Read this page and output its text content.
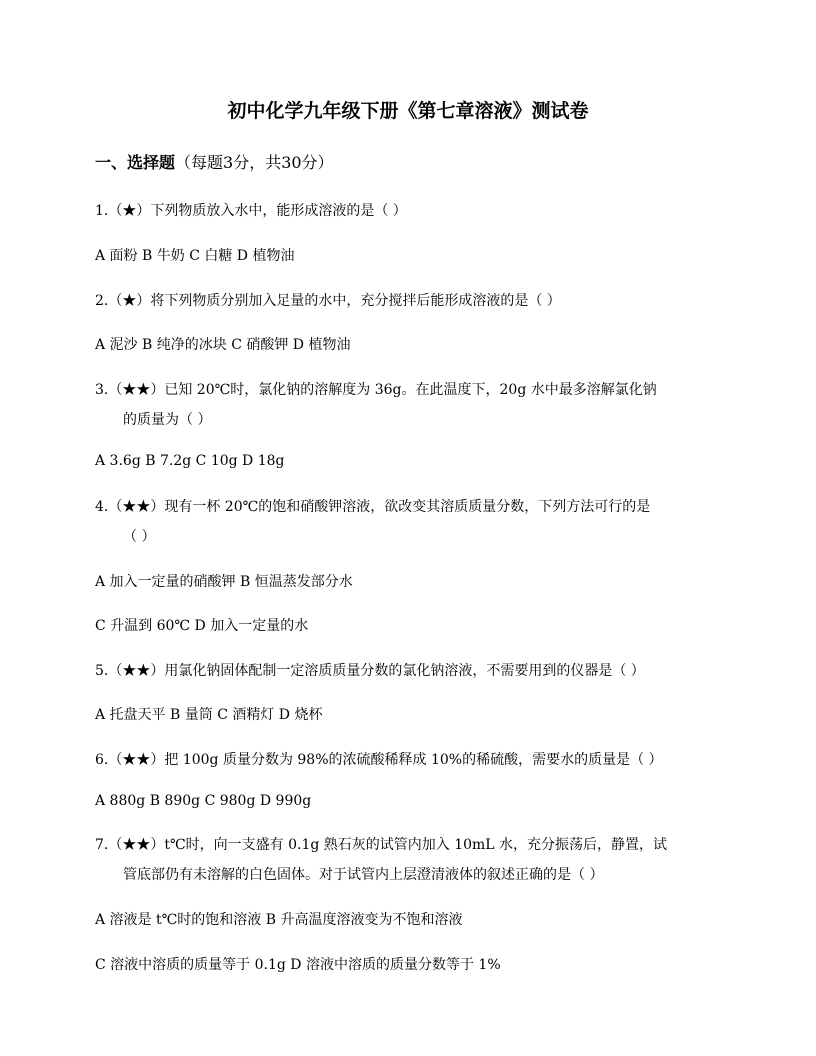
初中化学九年级下册《第七章溶液》测试卷

一、选择题（每题3分，共30分）

1.（★）下列物质放入水中，能形成溶液的是（ ）

A 面粉 B 牛奶 C 白糖 D 植物油

2.（★）将下列物质分别加入足量的水中，充分搅拌后能形成溶液的是（ ）

A 泥沙 B 纯净的冰块 C 硝酸钾 D 植物油

3.（★★）已知 20℃时，氯化钠的溶解度为 36g。在此温度下，20g 水中最多溶解氯化钠

的质量为（ ）

A 3.6g B 7.2g C 10g D 18g

4.（★★）现有一杯 20℃的饱和硝酸钾溶液，欲改变其溶质质量分数，下列方法可行的是

（ ）

A 加入一定量的硝酸钾 B 恒温蒸发部分水

C 升温到 60℃ D 加入一定量的水

5.（★★）用氯化钠固体配制一定溶质质量分数的氯化钠溶液，不需要用到的仪器是（ ）

A 托盘天平 B 量筒 C 酒精灯 D 烧杯

6.（★★）把 100g 质量分数为 98%的浓硫酸稀释成 10%的稀硫酸，需要水的质量是（ ）

A 880g B 890g C 980g D 990g

7.（★★）t℃时，向一支盛有 0.1g 熟石灰的试管内加入 10mL 水，充分振荡后，静置，试

管底部仍有未溶解的白色固体。对于试管内上层澄清液体的叙述正确的是（ ）

A 溶液是 t℃时的饱和溶液 B 升高温度溶液变为不饱和溶液

C 溶液中溶质的质量等于 0.1g D 溶液中溶质的质量分数等于 1%
